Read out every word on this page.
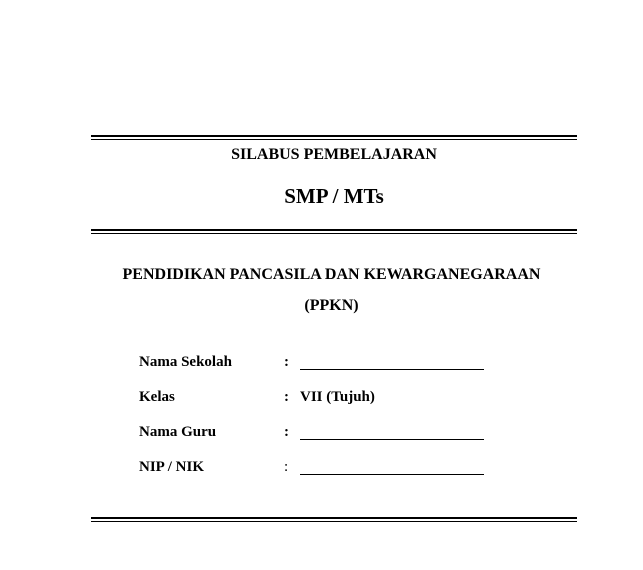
SILABUS PEMBELAJARAN
SMP / MTs
PENDIDIKAN PANCASILA DAN KEWARGANEGARAAN
(PPKN)
Nama Sekolah	:
Kelas	: VII (Tujuh)
Nama Guru	:
NIP / NIK	:
